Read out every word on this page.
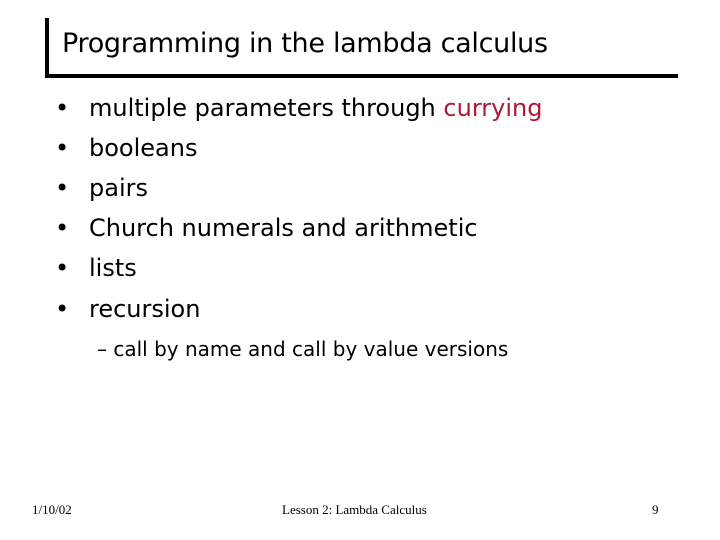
Programming in the lambda calculus
• multiple parameters through currying
• booleans
• pairs
• Church numerals and arithmetic
• lists
• recursion
– call by name and call by value versions
1/10/02	Lesson 2: Lambda Calculus	9
